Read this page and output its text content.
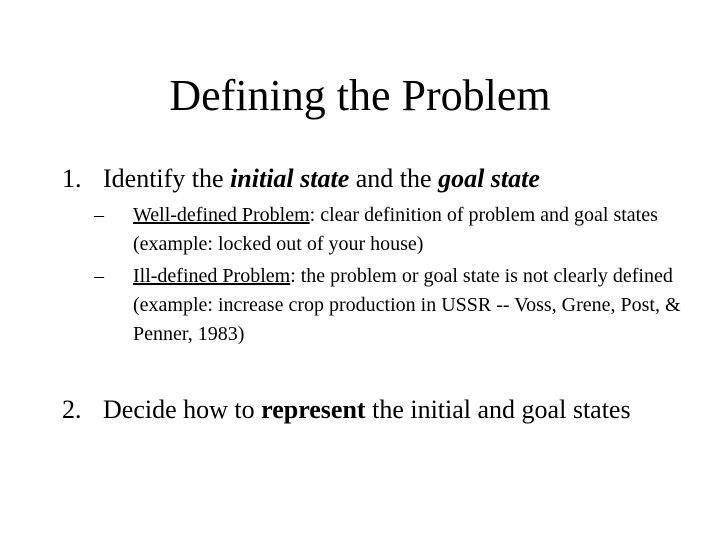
Defining the Problem
1. Identify the initial state and the goal state
– Well-defined Problem: clear definition of problem and goal states (example: locked out of your house)
– Ill-defined Problem: the problem or goal state is not clearly defined (example: increase crop production in USSR -- Voss, Grene, Post, & Penner, 1983)
2. Decide how to represent the initial and goal states
